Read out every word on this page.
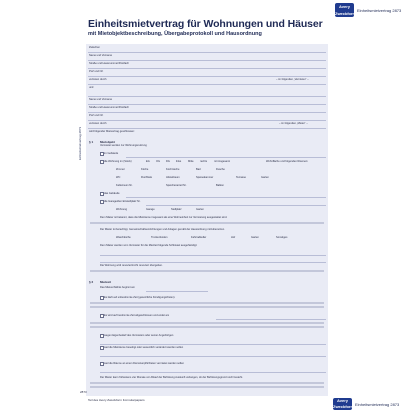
Avery Zweckform
Einheitsmietvertrag 2873
Einheitsmietvertrag für Wohnungen und Häuser
mit Mietobjektbeschreibung, Übergabeprotokoll und Hausordnung
Einheitsmietvertrag 2873
Zwischen
Name und Vorname
Straße und Hausnummer/Postfach
PLZ und Ort
vertreten durch	– im folgenden „Vermieter“ –
und
Name und Vorname
Straße und Hausnummer/Postfach
PLZ und Ort
vertreten durch	– im folgenden „Mieter“ –
wird folgender Mietvertrag geschlossen:
§ 1 Mietobjekt
Vermietet werden zur Wohnungsnutzung
im Gebäude
die Wohnung im (Stock)	EG OG DG links	Mitte rechts	mit insgesamt	Wohnfläche und folgenden Räumen:
Zimmer	Küche	Kochnische	Bad	Dusche
WC	Flur/Diele	Abstellraum	Speisekammer	Terrasse	Garten
Kellerraum Nr.	Speicheranteil Nr.	Balkon
das Gebäude
die Garage/den Einstellplatz Nr.
Wohnung	Garage	Stellplatz	Garten
Dem Mieter ist bekannt, dass die Mieträume insgesamt als eine Wohneinheit zur Vermietung ausgestattet sind.
Der Mieter ist berechtigt, Gemeinschaftseinrichtungen und Anlagen gemäß der Hausordnung mitzubenutzen.
Waschküche	Trockenboden	Fahrradkeller	Hof	Garten	Sonstiges
Dem Mieter werden vom Vermieter für die Mietzeit folgende Schlüssel ausgehändigt:
Die Wohnung wird renoviert/nicht renoviert übergeben.
§ 2 Mietzeit
Das Mietverhältnis beginnt am
Es läuft auf unbestimmte Zeit (gesetzliche Kündigungsfristen).
Es wird auf bestimmte Zeit abgeschlossen und endet am
wegen Eigenbedarf des Vermieters oder seiner Angehörigen
weil die Mieträume beseitigt oder wesentlich verändert werden sollen
weil die Räume an einen Dienstverpflichteten vermietet werden sollen
Der Mieter kann frühestens vier Monate vor Ablauf der Befristung Auskunft verlangen, ob der Befristungsgrund noch besteht.
2873
Teil des Avery Zweckform Formularpapiers	Avery Zweckform Einheitsmietvertrag 2873
